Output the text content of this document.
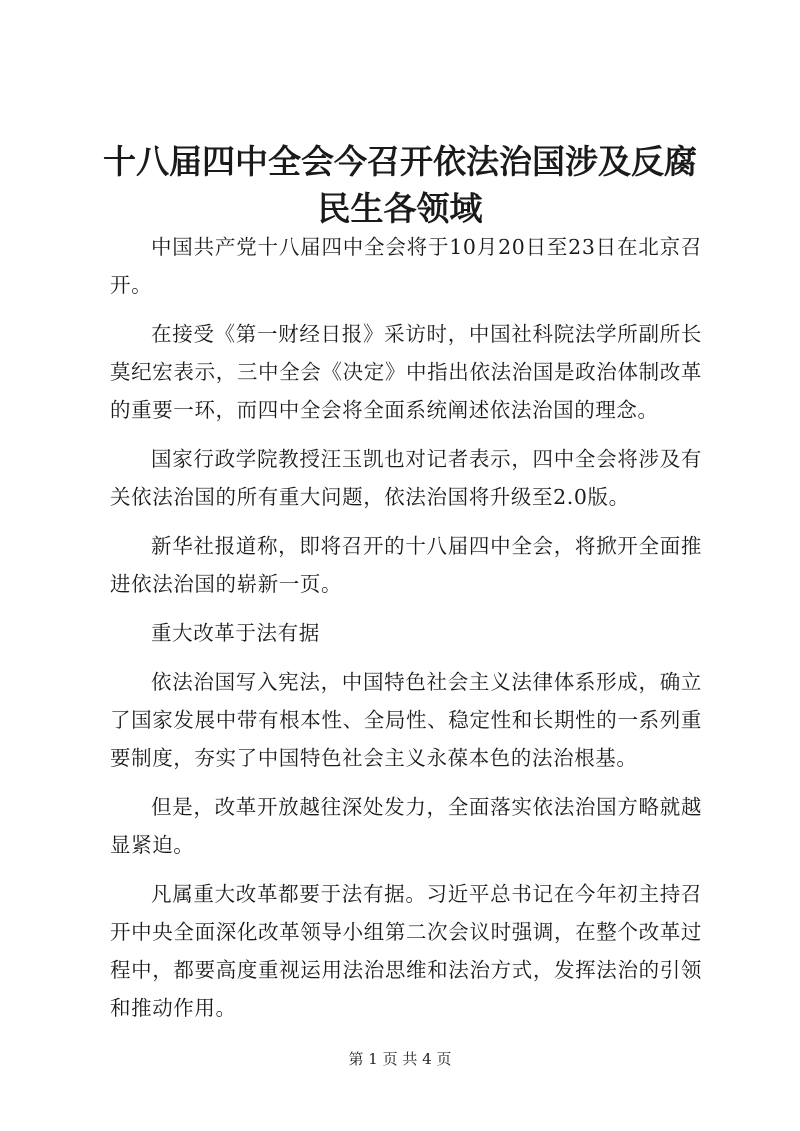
十八届四中全会今召开依法治国涉及反腐民生各领域

中国共产党十八届四中全会将于10月20日至23日在北京召开。

在接受《第一财经日报》采访时，中国社科院法学所副所长莫纪宏表示，三中全会《决定》中指出依法治国是政治体制改革的重要一环，而四中全会将全面系统阐述依法治国的理念。

国家行政学院教授汪玉凯也对记者表示，四中全会将涉及有关依法治国的所有重大问题，依法治国将升级至2.0版。

新华社报道称，即将召开的十八届四中全会，将掀开全面推进依法治国的崭新一页。

重大改革于法有据

依法治国写入宪法，中国特色社会主义法律体系形成，确立了国家发展中带有根本性、全局性、稳定性和长期性的一系列重要制度，夯实了中国特色社会主义永葆本色的法治根基。

但是，改革开放越往深处发力，全面落实依法治国方略就越显紧迫。

凡属重大改革都要于法有据。习近平总书记在今年初主持召开中央全面深化改革领导小组第二次会议时强调，在整个改革过程中，都要高度重视运用法治思维和法治方式，发挥法治的引领和推动作用。

第 1 页 共 4 页
